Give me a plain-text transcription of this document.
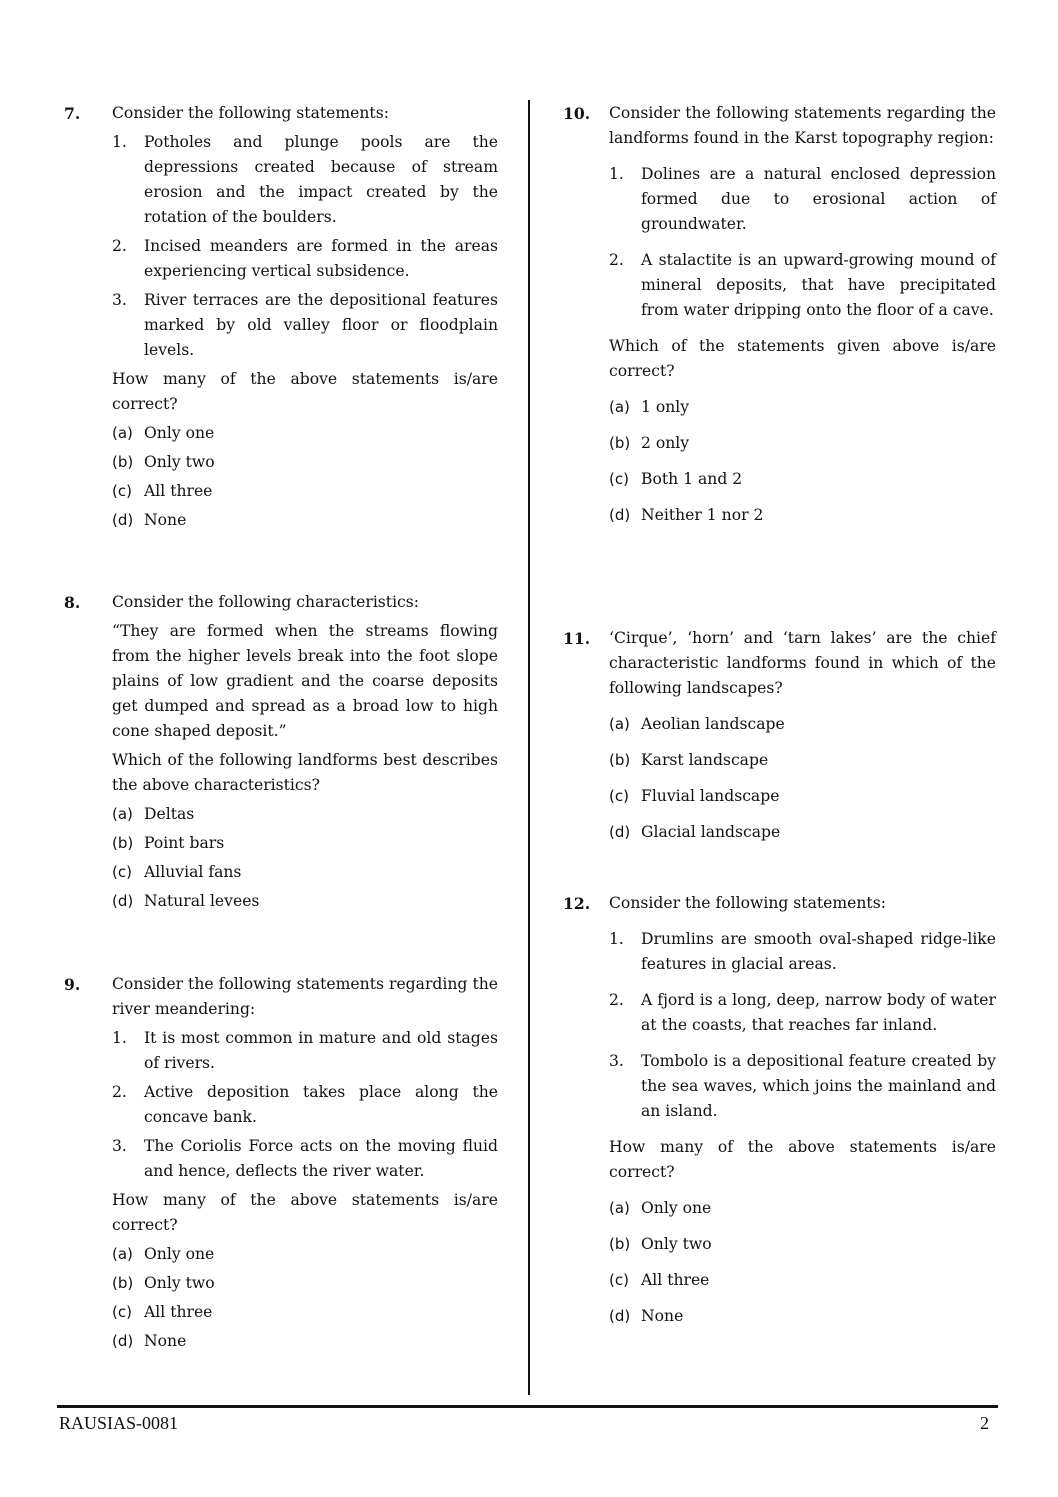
7. Consider the following statements:
1. Potholes and plunge pools are the depressions created because of stream erosion and the impact created by the rotation of the boulders.
2. Incised meanders are formed in the areas experiencing vertical subsidence.
3. River terraces are the depositional features marked by old valley floor or floodplain levels.
How many of the above statements is/are correct?
(a) Only one
(b) Only two
(c) All three
(d) None
8. Consider the following characteristics:
“They are formed when the streams flowing from the higher levels break into the foot slope plains of low gradient and the coarse deposits get dumped and spread as a broad low to high cone shaped deposit.”
Which of the following landforms best describes the above characteristics?
(a) Deltas
(b) Point bars
(c) Alluvial fans
(d) Natural levees
9. Consider the following statements regarding the river meandering:
1. It is most common in mature and old stages of rivers.
2. Active deposition takes place along the concave bank.
3. The Coriolis Force acts on the moving fluid and hence, deflects the river water.
How many of the above statements is/are correct?
(a) Only one
(b) Only two
(c) All three
(d) None
10. Consider the following statements regarding the landforms found in the Karst topography region:
1. Dolines are a natural enclosed depression formed due to erosional action of groundwater.
2. A stalactite is an upward-growing mound of mineral deposits, that have precipitated from water dripping onto the floor of a cave.
Which of the statements given above is/are correct?
(a) 1 only
(b) 2 only
(c) Both 1 and 2
(d) Neither 1 nor 2
11. ‘Cirque’, ‘horn’ and ‘tarn lakes’ are the chief characteristic landforms found in which of the following landscapes?
(a) Aeolian landscape
(b) Karst landscape
(c) Fluvial landscape
(d) Glacial landscape
12. Consider the following statements:
1. Drumlins are smooth oval-shaped ridge-like features in glacial areas.
2. A fjord is a long, deep, narrow body of water at the coasts, that reaches far inland.
3. Tombolo is a depositional feature created by the sea waves, which joins the mainland and an island.
How many of the above statements is/are correct?
(a) Only one
(b) Only two
(c) All three
(d) None
RAUSIAS-0081	2
